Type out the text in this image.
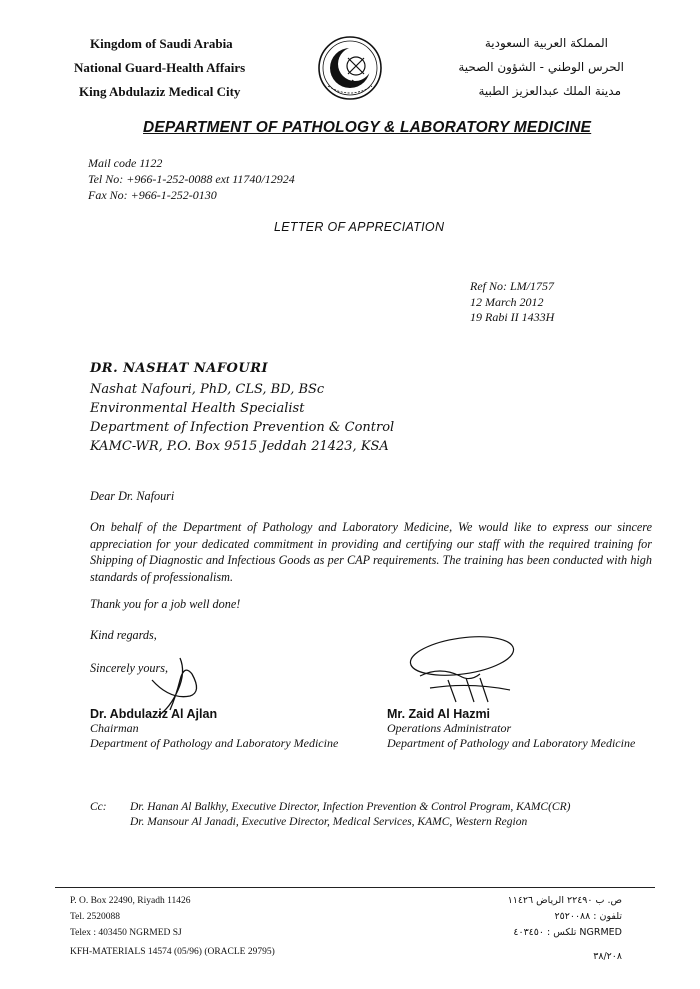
Kingdom of Saudi Arabia
National Guard-Health Affairs
King Abdulaziz Medical City
المملكة العربية السعودية
الحرس الوطني - الشؤون الصحية
مدينة الملك عبدالعزيز الطبية
DEPARTMENT OF PATHOLOGY & LABORATORY MEDICINE
Mail code 1122
Tel No: +966-1-252-0088 ext 11740/12924
Fax No: +966-1-252-0130
LETTER OF APPRECIATION
Ref No: LM/1757
12 March 2012
19 Rabi II 1433H
DR. NASHAT NAFOURI
Nashat Nafouri, PhD, CLS, BD, BSc
Environmental Health Specialist
Department of Infection Prevention & Control
KAMC-WR, P.O. Box 9515 Jeddah 21423, KSA
Dear Dr. Nafouri
On behalf of the Department of Pathology and Laboratory Medicine, We would like to express our sincere appreciation for your dedicated commitment in providing and certifying our staff with the required training for Shipping of Diagnostic and Infectious Goods as per CAP requirements. The training has been conducted with high standards of professionalism.
Thank you for a job well done!
Kind regards,
Sincerely yours,
Dr. Abdulaziz Al Ajlan
Chairman
Department of Pathology and Laboratory Medicine
Mr. Zaid Al Hazmi
Operations Administrator
Department of Pathology and Laboratory Medicine
Cc: Dr. Hanan Al Balkhy, Executive Director, Infection Prevention & Control Program, KAMC(CR)
Dr. Mansour Al Janadi, Executive Director, Medical Services, KAMC, Western Region
P. O. Box 22490, Riyadh 11426
Tel. 2520088
Telex : 403450 NGRMED SJ
ص. ب ٢٢٤٩٠ الرياض ١١٤٢٦
تلفون : ٢٥٢٠٠٨٨
تلكس : ٤٠٣٤٥٠ NGRMED
KFH-MATERIALS 14574 (05/96) (ORACLE 29795)	٣٨/٢٠٨
